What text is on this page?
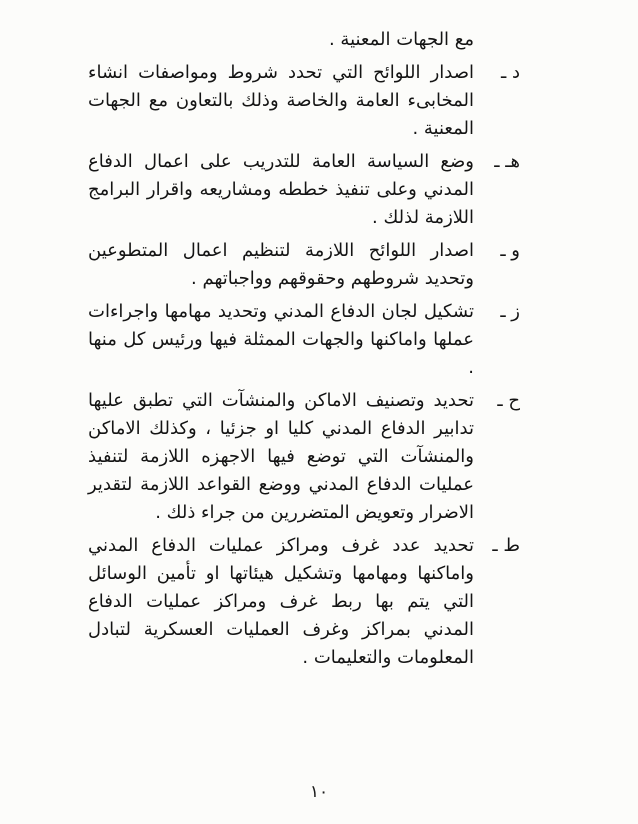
مع الجهات المعنية .

د ـ
اصدار اللوائح التي تحدد شروط ومواصفات انشاء المخابىء العامة والخاصة وذلك بالتعاون مع الجهات المعنية .
هـ ـ
وضع السياسة العامة للتدريب على اعمال الدفاع المدني وعلى تنفيذ خططه ومشاريعه واقرار البرامج اللازمة لذلك .
و ـ
اصدار اللوائح اللازمة لتنظيم اعمال المتطوعين وتحديد شروطهم وحقوقهم وواجباتهم .
ز ـ
تشكيل لجان الدفاع المدني وتحديد مهامها واجراءات عملها واماكنها والجهات الممثلة فيها ورئيس كل منها .
ح ـ
تحديد وتصنيف الاماكن والمنشآت التي تطبق عليها تدابير الدفاع المدني كليا او جزئيا ، وكذلك الاماكن والمنشآت التي توضع فيها الاجهزه اللازمة لتنفيذ عمليات الدفاع المدني ووضع القواعد اللازمة لتقدير الاضرار وتعويض المتضررين من جراء ذلك .
ط ـ
تحديد عدد غرف ومراكز عمليات الدفاع المدني واماكنها ومهامها وتشكيل هيئاتها او تأمين الوسائل التي يتم بها ربط غرف ومراكز عمليات الدفاع المدني بمراكز وغرف العمليات العسكرية لتبادل المعلومات والتعليمات .
١٠
